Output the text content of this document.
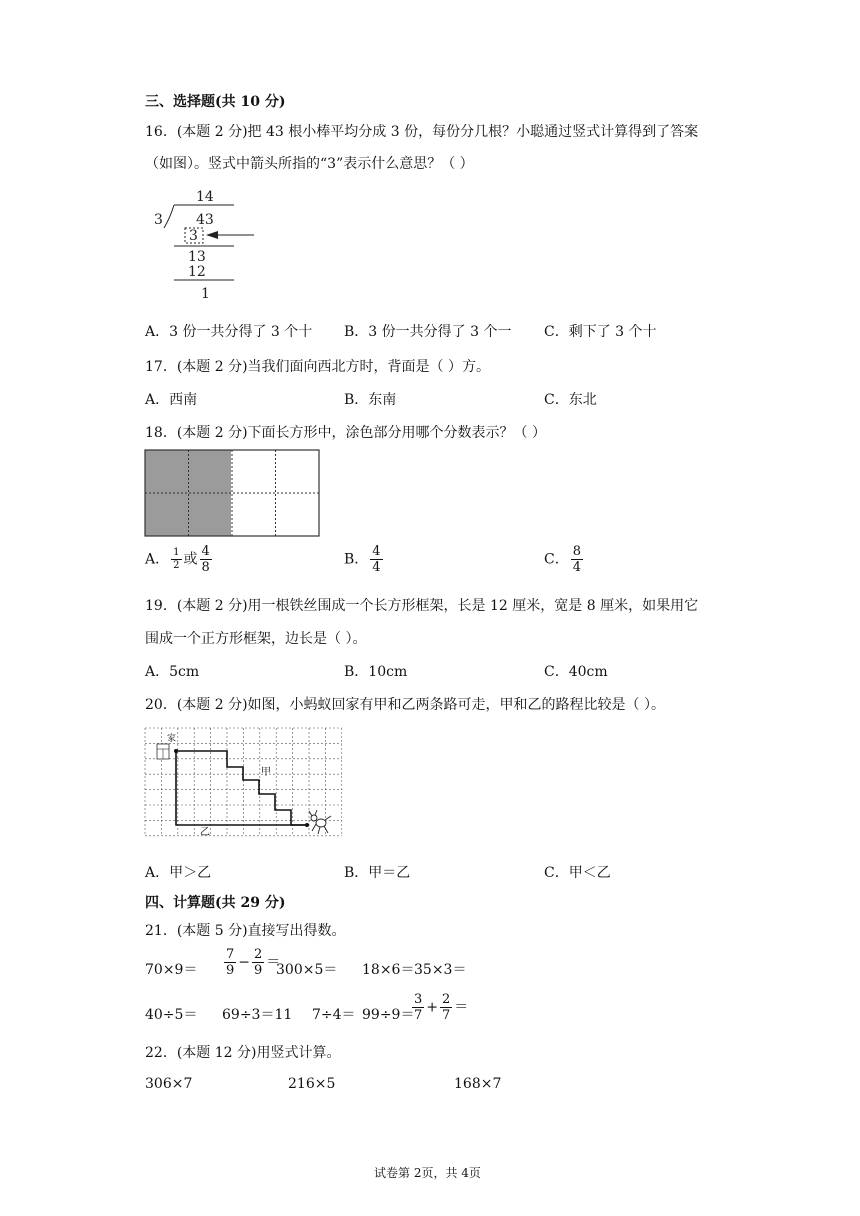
三、选择题(共 10 分)
16．(本题 2 分)把 43 根小棒平均分成 3 份，每份分几根？小聪通过竖式计算得到了答案
（如图）。竖式中箭头所指的“3”表示什么意思？（ ）
14
3 43
3
13
12
1
A．3 份一共分得了 3 个十 B．3 份一共分得了 3 个一 C．剩下了 3 个十
17．(本题 2 分)当我们面向西北方时，背面是（ ）方。
A．西南	B．东南	C．东北
18．(本题 2 分)下面长方形中，涂色部分用哪个分数表示？（ ）
A． $\frac{1}{2}$ 或 $\frac{4}{8}$	B． $\frac{4}{4}$	C． $\frac{8}{4}$
19．(本题 2 分)用一根铁丝围成一个长方形框架，长是 12 厘米，宽是 8 厘米，如果用它
围成一个正方形框架，边长是（ ）。
A．5cm	B．10cm	C．40cm
20．(本题 2 分)如图，小蚂蚁回家有甲和乙两条路可走，甲和乙的路程比较是（ ）。
家
甲
乙
A．甲＞乙	B．甲＝乙	C．甲＜乙
四、计算题(共 29 分)
21．(本题 5 分)直接写出得数。
$70\times 9= \frac{7}{9} - \frac{2}{9}$ ＝
300×5＝ 18×6＝ 35×3＝
40÷5＝ 69÷3＝11 7÷4＝ 99÷9＝
$\frac{3}{7} + \frac{2}{7}$ ＝
22．(本题 12 分)用竖式计算。
306×7	216×5	168×7
试卷第 2页，共 4页
